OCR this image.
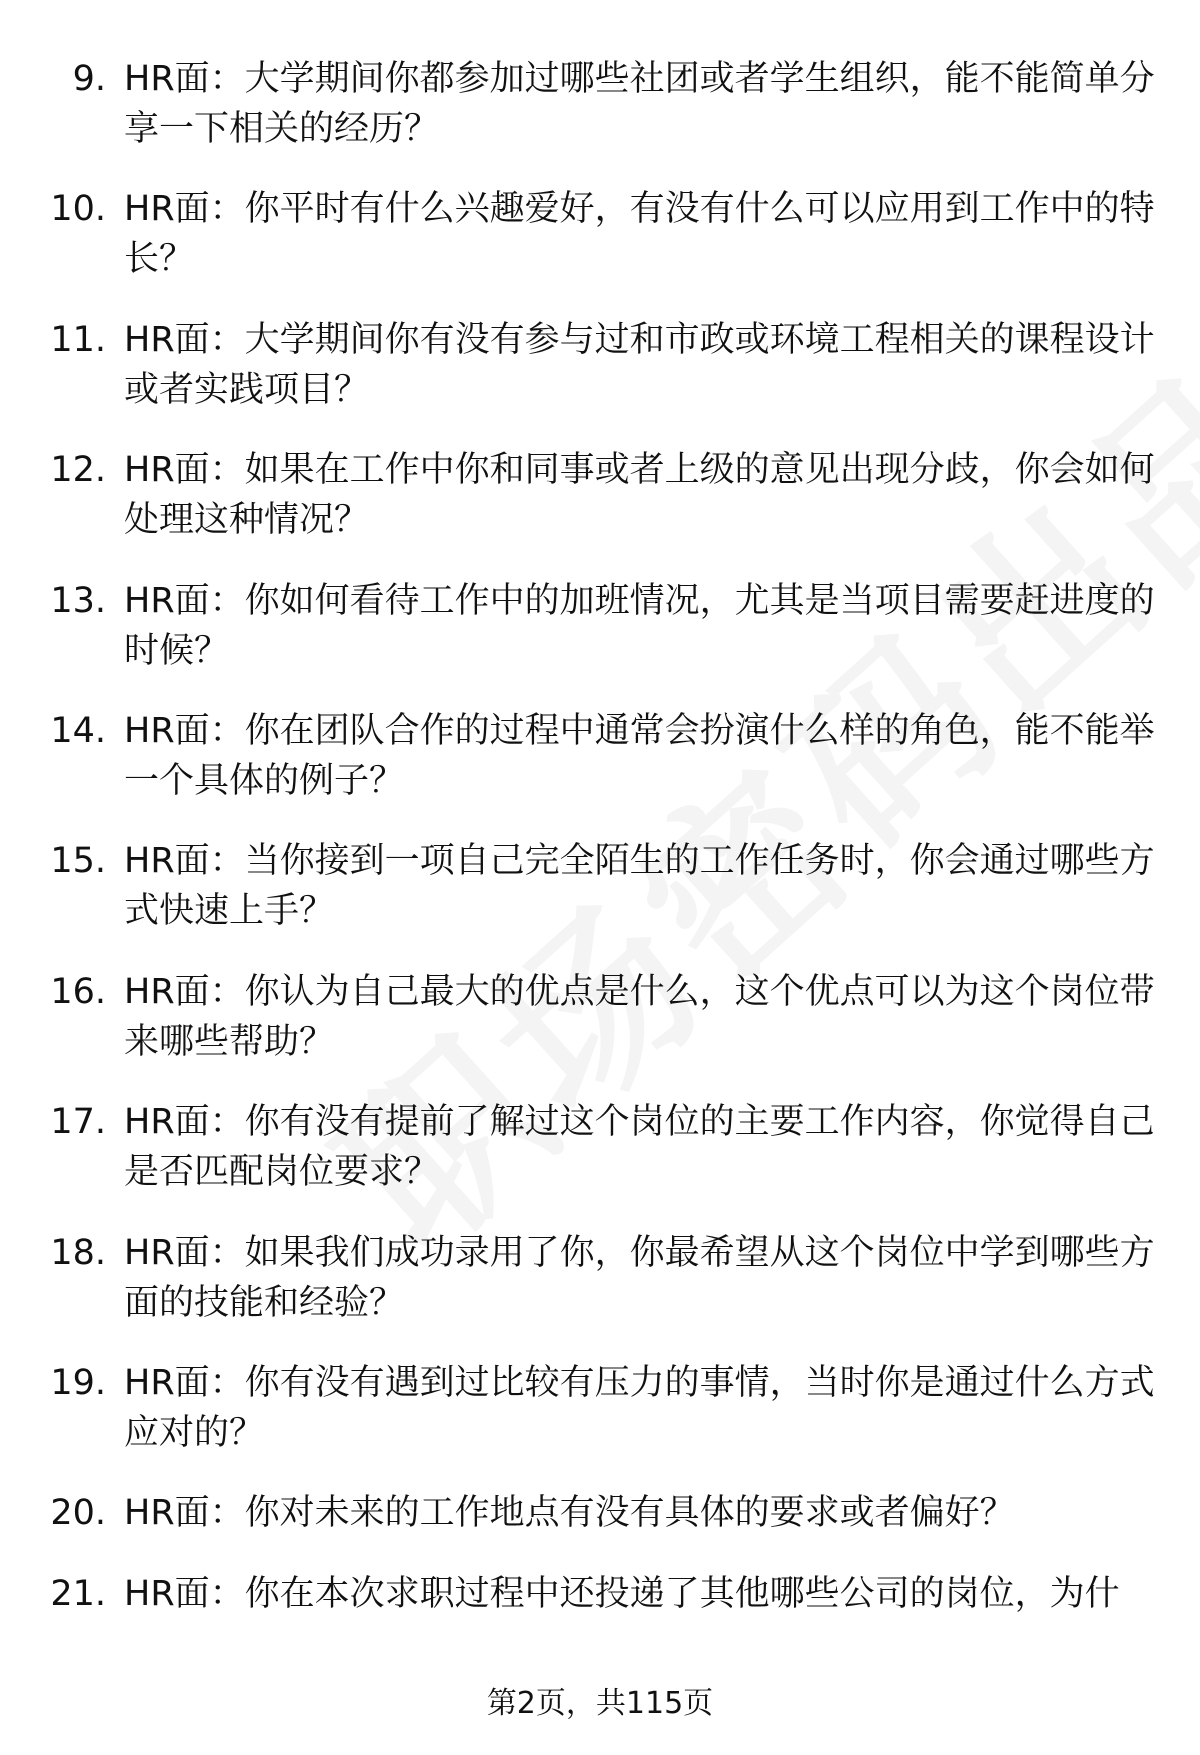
9. HR面：大学期间你都参加过哪些社团或者学生组织，能不能简单分享一下相关的经历？
10. HR面：你平时有什么兴趣爱好，有没有什么可以应用到工作中的特长？
11. HR面：大学期间你有没有参与过和市政或环境工程相关的课程设计或者实践项目？
12. HR面：如果在工作中你和同事或者上级的意见出现分歧，你会如何处理这种情况？
13. HR面：你如何看待工作中的加班情况，尤其是当项目需要赶进度的时候？
14. HR面：你在团队合作的过程中通常会扮演什么样的角色，能不能举一个具体的例子？
15. HR面：当你接到一项自己完全陌生的工作任务时，你会通过哪些方式快速上手？
16. HR面：你认为自己最大的优点是什么，这个优点可以为这个岗位带来哪些帮助？
17. HR面：你有没有提前了解过这个岗位的主要工作内容，你觉得自己是否匹配岗位要求？
18. HR面：如果我们成功录用了你，你最希望从这个岗位中学到哪些方面的技能和经验？
19. HR面：你有没有遇到过比较有压力的事情，当时你是通过什么方式应对的？
20. HR面：你对未来的工作地点有没有具体的要求或者偏好？
21. HR面：你在本次求职过程中还投递了其他哪些公司的岗位，为什
第2页，共115页
